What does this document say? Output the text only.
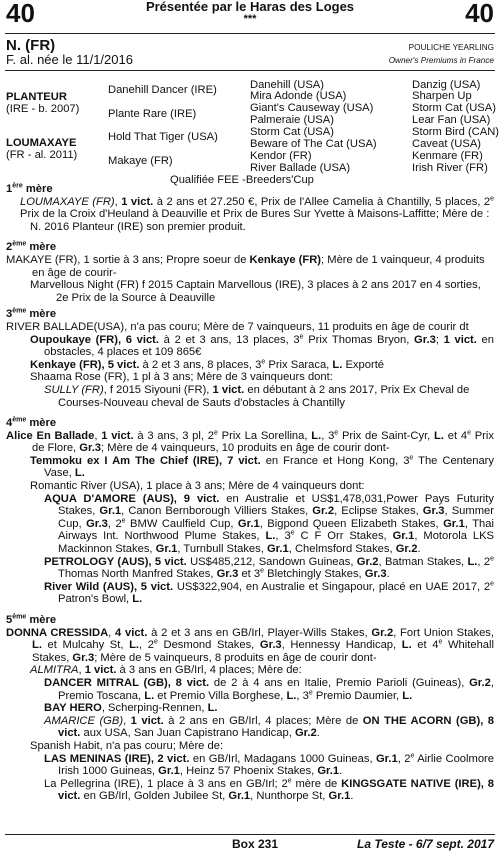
40	40
Présentée par le Haras des Loges
***
N. (FR)
F. al. née le 11/1/2016
POULICHE YEARLING
Owner's Premiums in France
PLANTEUR
(IRE - b. 2007)
LOUMAXAYE
(FR - al. 2011)
Danehill Dancer (IRE)
Plante Rare (IRE)
Hold That Tiger (USA)
Makaye (FR)
Danehill (USA)
Mira Adonde (USA)
Giant's Causeway (USA)
Palmeraie (USA)
Storm Cat (USA)
Beware of The Cat (USA)
Kendor (FR)
River Ballade (USA)
Danzig (USA)
Sharpen Up
Storm Cat (USA)
Lear Fan (USA)
Storm Bird (CAN)
Caveat (USA)
Kenmare (FR)
Irish River (FR)
Qualifiée FEE -Breeders'Cup

1ère mère

LOUMAXAYE (FR), 1 vict. à 2 ans et 27.250 €, Prix de l'Allee Camelia à Chantilly, 5 places, 2e Prix de la Croix d'Heuland à Deauville et Prix de Bures Sur Yvette à Maisons-Laffitte; Mère de :

N. 2016 Planteur (IRE) son premier produit.

2ème mère

MAKAYE (FR), 1 sortie à 3 ans; Propre soeur de Kenkaye (FR); Mère de 1 vainqueur, 4 produits en âge de courir-

Marvellous Night (FR) f 2015 Captain Marvellous (IRE), 3 places à 2 ans 2017 en 4 sorties, 2e Prix de la Source à Deauville

3ème mère

RIVER BALLADE(USA), n'a pas couru; Mère de 7 vainqueurs, 11 produits en âge de courir dt

Oupoukaye (FR), 6 vict. à 2 et 3 ans, 13 places, 3e Prix Thomas Bryon, Gr.3; 1 vict. en obstacles, 4 places et 109 865€

Kenkaye (FR), 5 vict. à 2 et 3 ans, 8 places, 3e Prix Saraca, L. Exporté

Shaama Rose (FR), 1 pl à 3 ans; Mère de 3 vainqueurs dont:

SULLY (FR), f 2015 Siyouni (FR), 1 vict. en débutant à 2 ans 2017, Prix Ex Cheval de Courses-Nouveau cheval de Sauts d'obstacles à Chantilly

4ème mère

Alice En Ballade, 1 vict. à 3 ans, 3 pl, 2e Prix La Sorellina, L., 3e Prix de Saint-Cyr, L. et 4e Prix de Flore, Gr.3; Mère de 4 vainqueurs, 10 produits en âge de courir dont-

Temmoku ex I Am The Chief (IRE), 7 vict. en France et Hong Kong, 3e The Centenary Vase, L.

Romantic River (USA), 1 place à 3 ans; Mère de 4 vainqueurs dont:

AQUA D'AMORE (AUS), 9 vict. en Australie et US$1,478,031,Power Pays Futurity Stakes, Gr.1, Canon Bernborough Villiers Stakes, Gr.2, Eclipse Stakes, Gr.3, Summer Cup, Gr.3, 2e BMW Caulfield Cup, Gr.1, Bigpond Queen Elizabeth Stakes, Gr.1, Thai Airways Int. Northwood Plume Stakes, L., 3e C F Orr Stakes, Gr.1, Motorola LKS Mackinnon Stakes, Gr.1, Turnbull Stakes, Gr.1, Chelmsford Stakes, Gr.2.

PETROLOGY (AUS), 5 vict. US$485,212, Sandown Guineas, Gr.2, Batman Stakes, L., 2e Thomas North Manfred Stakes, Gr.3 et 3e Bletchingly Stakes, Gr.3.

River Wild (AUS), 5 vict. US$322,904, en Australie et Singapour, placé en UAE 2017, 2e Patron's Bowl, L.

5ème mère

DONNA CRESSIDA, 4 vict. à 2 et 3 ans en GB/Irl, Player-Wills Stakes, Gr.2, Fort Union Stakes, L. et Mulcahy St, L., 2e Desmond Stakes, Gr.3, Hennessy Handicap, L. et 4e Whitehall Stakes, Gr.3; Mère de 5 vainqueurs, 8 produits en âge de courir dont-

ALMITRA, 1 vict. à 3 ans en GB/Irl, 4 places; Mère de:

DANCER MITRAL (GB), 8 vict. de 2 à 4 ans en Italie, Premio Parioli (Guineas), Gr.2, Premio Toscana, L. et Premio Villa Borghese, L., 3e Premio Daumier, L.

BAY HERO, Scherping-Rennen, L.

AMARICE (GB), 1 vict. à 2 ans en GB/Irl, 4 places; Mère de ON THE ACORN (GB), 8 vict. aux USA, San Juan Capistrano Handicap, Gr.2.

Spanish Habit, n'a pas couru; Mère de:

LAS MENINAS (IRE), 2 vict. en GB/Irl, Madagans 1000 Guineas, Gr.1, 2e Airlie Coolmore Irish 1000 Guineas, Gr.1, Heinz 57 Phoenix Stakes, Gr.1.

La Pellegrina (IRE), 1 place à 3 ans en GB/Irl; 2e mère de KINGSGATE NATIVE (IRE), 8 vict. en GB/Irl, Golden Jubilee St, Gr.1, Nunthorpe St, Gr.1.

Box 231	La Teste - 6/7 sept. 2017
